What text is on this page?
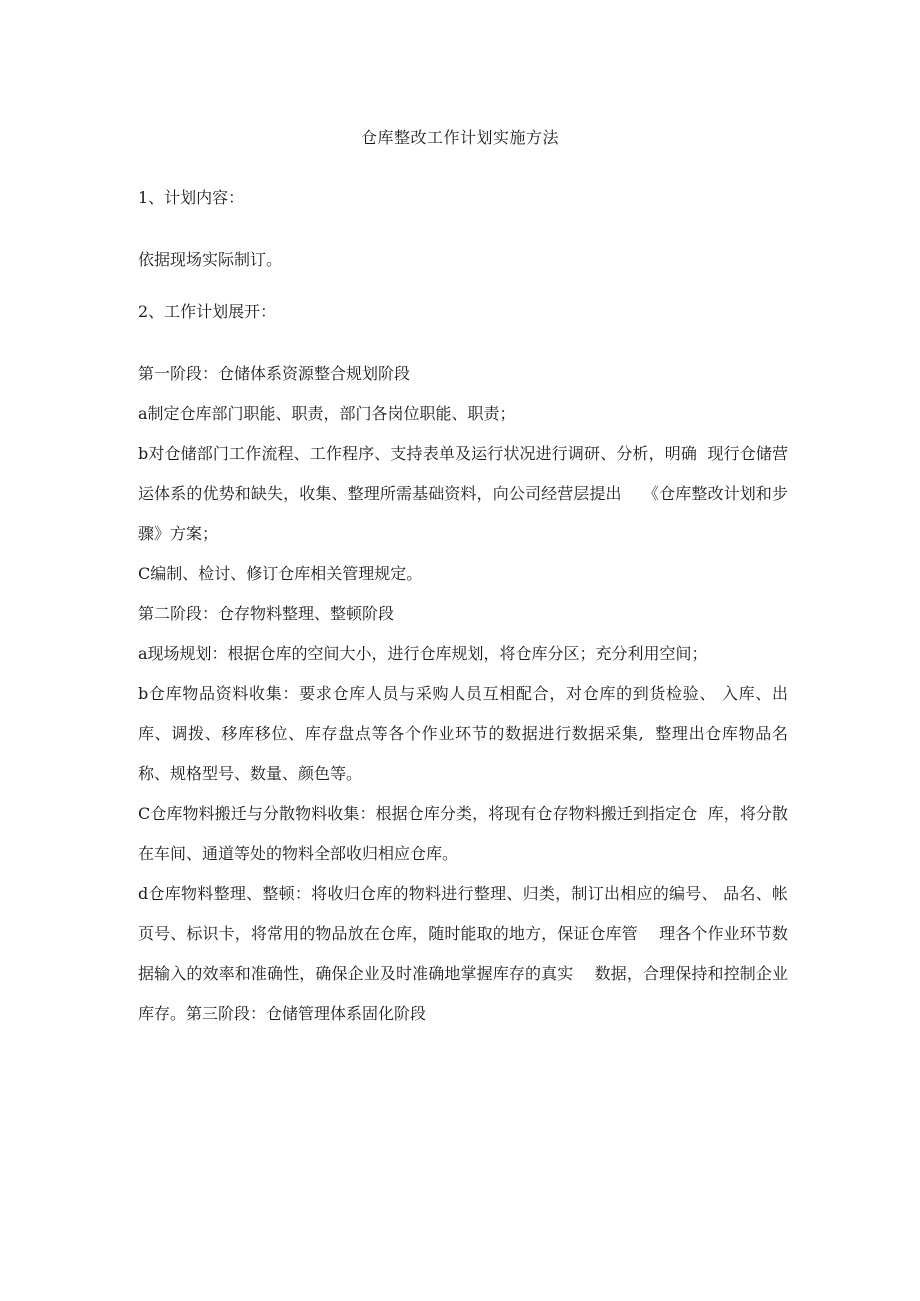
仓库整改工作计划实施方法

1、计划内容：

依据现场实际制订。

2、工作计划展开：

第一阶段：仓储体系资源整合规划阶段

a制定仓库部门职能、职责，部门各岗位职能、职责；

b对仓储部门工作流程、工作程序、支持表单及运行状况进行调研、分析，明确  现行仓储营运体系的优势和缺失，收集、整理所需基础资料，向公司经营层提出　 《仓库整改计划和步骤》方案；

C编制、检讨、修订仓库相关管理规定。

第二阶段：仓存物料整理、整顿阶段

a现场规划：根据仓库的空间大小，进行仓库规划，将仓库分区；充分利用空间；

b仓库物品资料收集：要求仓库人员与采购人员互相配合，对仓库的到货检验、 入库、出库、调拨、移库移位、库存盘点等各个作业环节的数据进行数据采集,  整理出仓库物品名称、规格型号、数量、颜色等。

C仓库物料搬迁与分散物料收集：根据仓库分类，将现有仓存物料搬迁到指定仓  库，将分散在车间、通道等处的物料全部收归相应仓库。

d仓库物料整理、整顿：将收归仓库的物料进行整理、归类，制订出相应的编号、 品名、帐页号、标识卡，将常用的物品放在仓库，随时能取的地方，保证仓库管　 理各个作业环节数据输入的效率和准确性，确保企业及时准确地掌握库存的真实　 数据，合理保持和控制企业库存。第三阶段：仓储管理体系固化阶段
